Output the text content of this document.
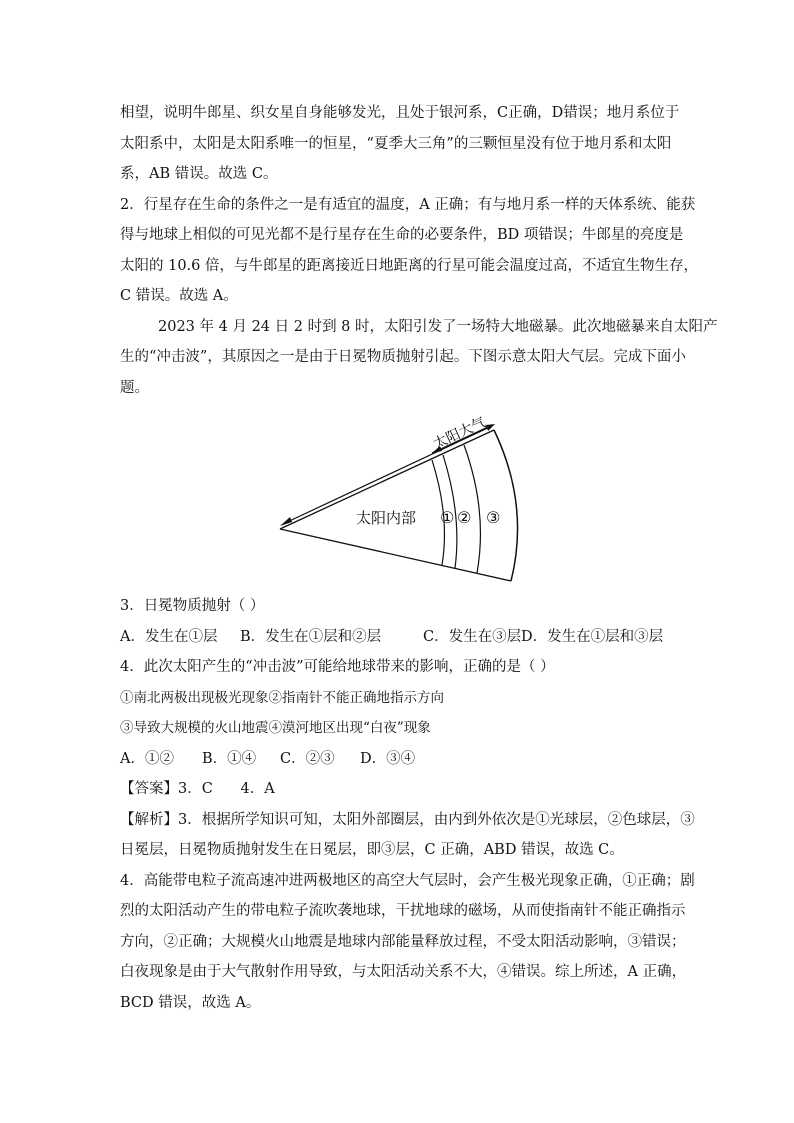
相望，说明牛郎星、织女星自身能够发光，且处于银河系，C正确，D错误；地月系位于

太阳系中，太阳是太阳系唯一的恒星，“夏季大三角”的三颗恒星没有位于地月系和太阳

系，AB 错误。故选 C。

2．行星存在生命的条件之一是有适宜的温度，A 正确；有与地月系一样的天体系统、能获

得与地球上相似的可见光都不是行星存在生命的必要条件，BD 项错误；牛郎星的亮度是

太阳的 10.6 倍，与牛郎星的距离接近日地距离的行星可能会温度过高，不适宜生物生存，

C 错误。故选 A。

2023 年 4 月 24 日 2 时到 8 时，太阳引发了一场特大地磁暴。此次地磁暴来自太阳产

生的“冲击波”，其原因之一是由于日冕物质抛射引起。下图示意太阳大气层。完成下面小

题。

太阳大气
太阳内部 ① ② ③

3．日冕物质抛射（ ）

A．发生在①层	B．发生在①层和②层	C．发生在③层 D．发生在①层和③层

4．此次太阳产生的“冲击波”可能给地球带来的影响，正确的是（ ）

①南北两极出现极光现象②指南针不能正确地指示方向

③导致大规模的火山地震④漠河地区出现“白夜”现象

A．①②	B．①④	C．②③	D．③④

【答案】3．C      4．A

【解析】3．根据所学知识可知，太阳外部圈层，由内到外依次是①光球层，②色球层，③

日冕层，日冕物质抛射发生在日冕层，即③层，C 正确，ABD 错误，故选 C。

4．高能带电粒子流高速冲进两极地区的高空大气层时，会产生极光现象正确，①正确；剧

烈的太阳活动产生的带电粒子流吹袭地球，干扰地球的磁场，从而使指南针不能正确指示

方向，②正确；大规模火山地震是地球内部能量释放过程，不受太阳活动影响，③错误；

白夜现象是由于大气散射作用导致，与太阳活动关系不大，④错误。综上所述，A 正确，

BCD 错误，故选 A。
